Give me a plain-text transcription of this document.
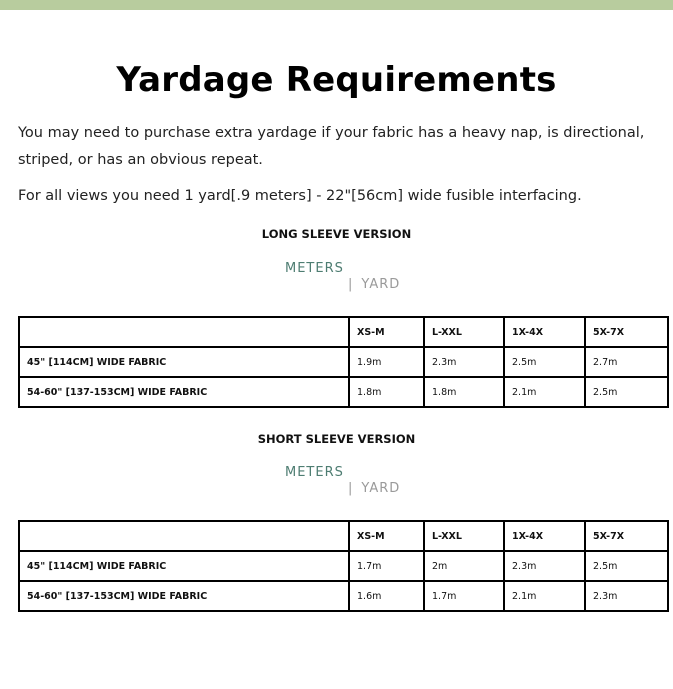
Yardage Requirements

You may need to purchase extra yardage if your fabric has a heavy nap, is directional, striped, or has an obvious repeat.

For all views you need 1 yard[.9 meters] - 22"[56cm] wide fusible interfacing.

LONG SLEEVE VERSION
METERS
| YARD
	XS-M	L-XXL	1X-4X	5X-7X
45" [114CM] WIDE FABRIC	1.9m	2.3m	2.5m	2.7m
54-60" [137-153CM] WIDE FABRIC	1.8m	1.8m	2.1m	2.5m
SHORT SLEEVE VERSION
METERS
| YARD
	XS-M	L-XXL	1X-4X	5X-7X
45" [114CM] WIDE FABRIC	1.7m	2m	2.3m	2.5m
54-60" [137-153CM] WIDE FABRIC	1.6m	1.7m	2.1m	2.3m
